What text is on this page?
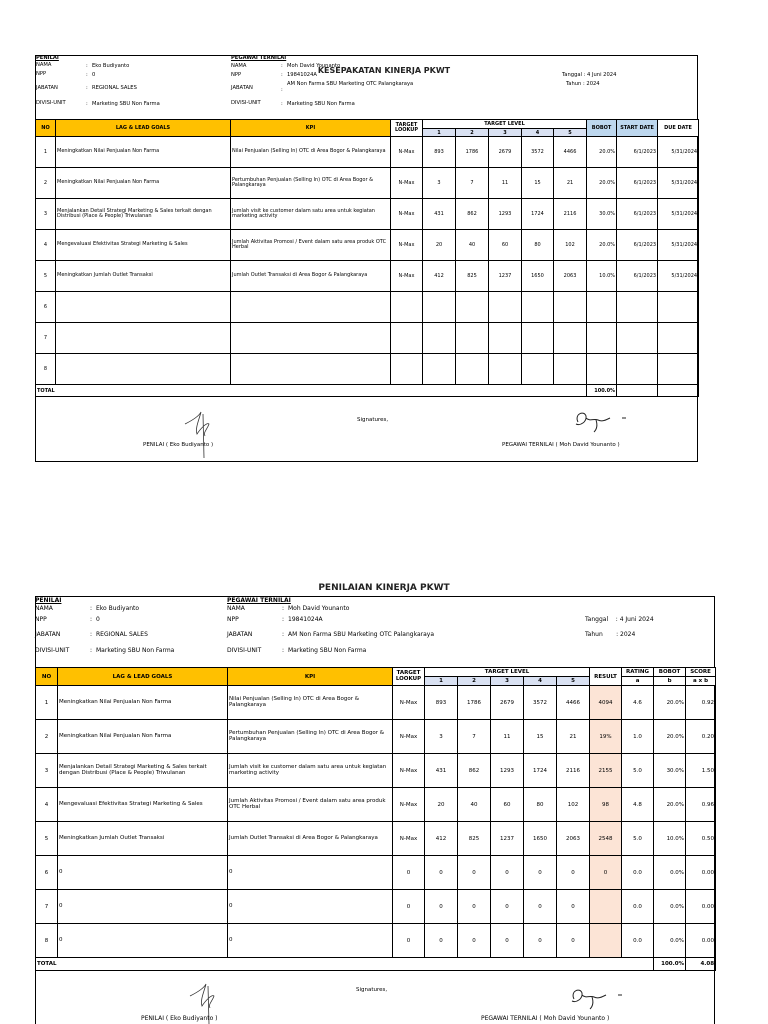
KESEPAKATAN KINERJA PKWT
PENILAI
NAMA	: Eko Budiyanto
NPP	: 0
JABATAN	: REGIONAL SALES
DIVISI-UNIT	: Marketing SBU Non Farma
PEGAWAI TERNILAI
NAMA	: Moh David Younanto
NPP	: 19841024A
JABATAN	:
AM Non Farma SBU Marketing OTC Palangkaraya
DIVISI-UNIT	: Marketing SBU Non Farma
Tanggal : 4 Juni 2024
Tahun : 2024
NO	LAG & LEAD GOALS	KPI	TARGET LOOKUP	TARGET LEVEL					BOBOT	START DATE	DUE DATE
				1	2	3	4	5			
1	Meningkatkan Nilai Penjualan Non Farma	Nilai Penjualan (Selling In) OTC di Area Bogor & Palangkaraya	N-Max	893	1786	2679	3572	4466	20.0%	6/1/2023	5/31/2024
2	Meningkatkan Nilai Penjualan Non Farma	Pertumbuhan Penjualan (Selling In) OTC di Area Bogor & Palangkaraya	N-Max	3	7	11	15	21	20.0%	6/1/2023	5/31/2024
3	Menjalankan Detail Strategi Marketing & Sales terkait dengan Distribusi (Place & People) Triwulanan	Jumlah visit ke customer dalam satu area untuk kegiatan marketing activity	N-Max	431	862	1293	1724	2116	30.0%	6/1/2023	5/31/2024
4	Mengevaluasi Efektivitas Strategi Marketing & Sales	Jumlah Aktivitas Promosi / Event dalam satu area produk OTC Herbal	N-Max	20	40	60	80	102	20.0%	6/1/2023	5/31/2024
5	Meningkatkan Jumlah Outlet Transaksi	Jumlah Outlet Transaksi di Area Bogor & Palangkaraya	N-Max	412	825	1237	1650	2063	10.0%	6/1/2023	5/31/2024
6											
7											
8											
TOTAL									100.0%		
Signatures,
PENILAI ( Eko Budiyanto )	PEGAWAI TERNILAI ( Moh David Younanto )
PENILAIAN KINERJA PKWT
PENILAI
NAMA	: Eko Budiyanto
NPP	: 0
JABATAN	: REGIONAL SALES
DIVISI-UNIT	: Marketing SBU Non Farma
PEGAWAI TERNILAI
NAMA	: Moh David Younanto
NPP	: 19841024A
JABATAN	: AM Non Farma SBU Marketing OTC Palangkaraya
DIVISI-UNIT	: Marketing SBU Non Farma
Tanggal    : 4 Juni 2024
Tahun       : 2024
NO	LAG & LEAD GOALS	KPI	TARGET LOOKUP	TARGET LEVEL					RESULT	RATING	BOBOT	SCORE
				1	2	3	4	5		a	b	a x b
1	Meningkatkan Nilai Penjualan Non Farma	Nilai Penjualan (Selling In) OTC di Area Bogor & Palangkaraya	N-Max	893	1786	2679	3572	4466	4094	4.6	20.0%	0.92
2	Meningkatkan Nilai Penjualan Non Farma	Pertumbuhan Penjualan (Selling In) OTC di Area Bogor & Palangkaraya	N-Max	3	7	11	15	21	19%	1.0	20.0%	0.20
3	Menjalankan Detail Strategi Marketing & Sales terkait dengan Distribusi (Place & People) Triwulanan	Jumlah visit ke customer dalam satu area untuk kegiatan marketing activity	N-Max	431	862	1293	1724	2116	2155	5.0	30.0%	1.50
4	Mengevaluasi Efektivitas Strategi Marketing & Sales	Jumlah Aktivitas Promosi / Event dalam satu area produk OTC Herbal	N-Max	20	40	60	80	102	98	4.8	20.0%	0.96
5	Meningkatkan Jumlah Outlet Transaksi	Jumlah Outlet Transaksi di Area Bogor & Palangkaraya	N-Max	412	825	1237	1650	2063	2548	5.0	10.0%	0.50
6	0	0	0	0	0	0	0	0	0	0.0	0.0%	0.00
7	0	0	0	0	0	0	0	0		0.0	0.0%	0.00
8	0	0	0	0	0	0	0	0		0.0	0.0%	0.00
TOTAL											100.0%	4.08
Signatures,
PENILAI ( Eko Budiyanto )	PEGAWAI TERNILAI ( Moh David Younanto )
